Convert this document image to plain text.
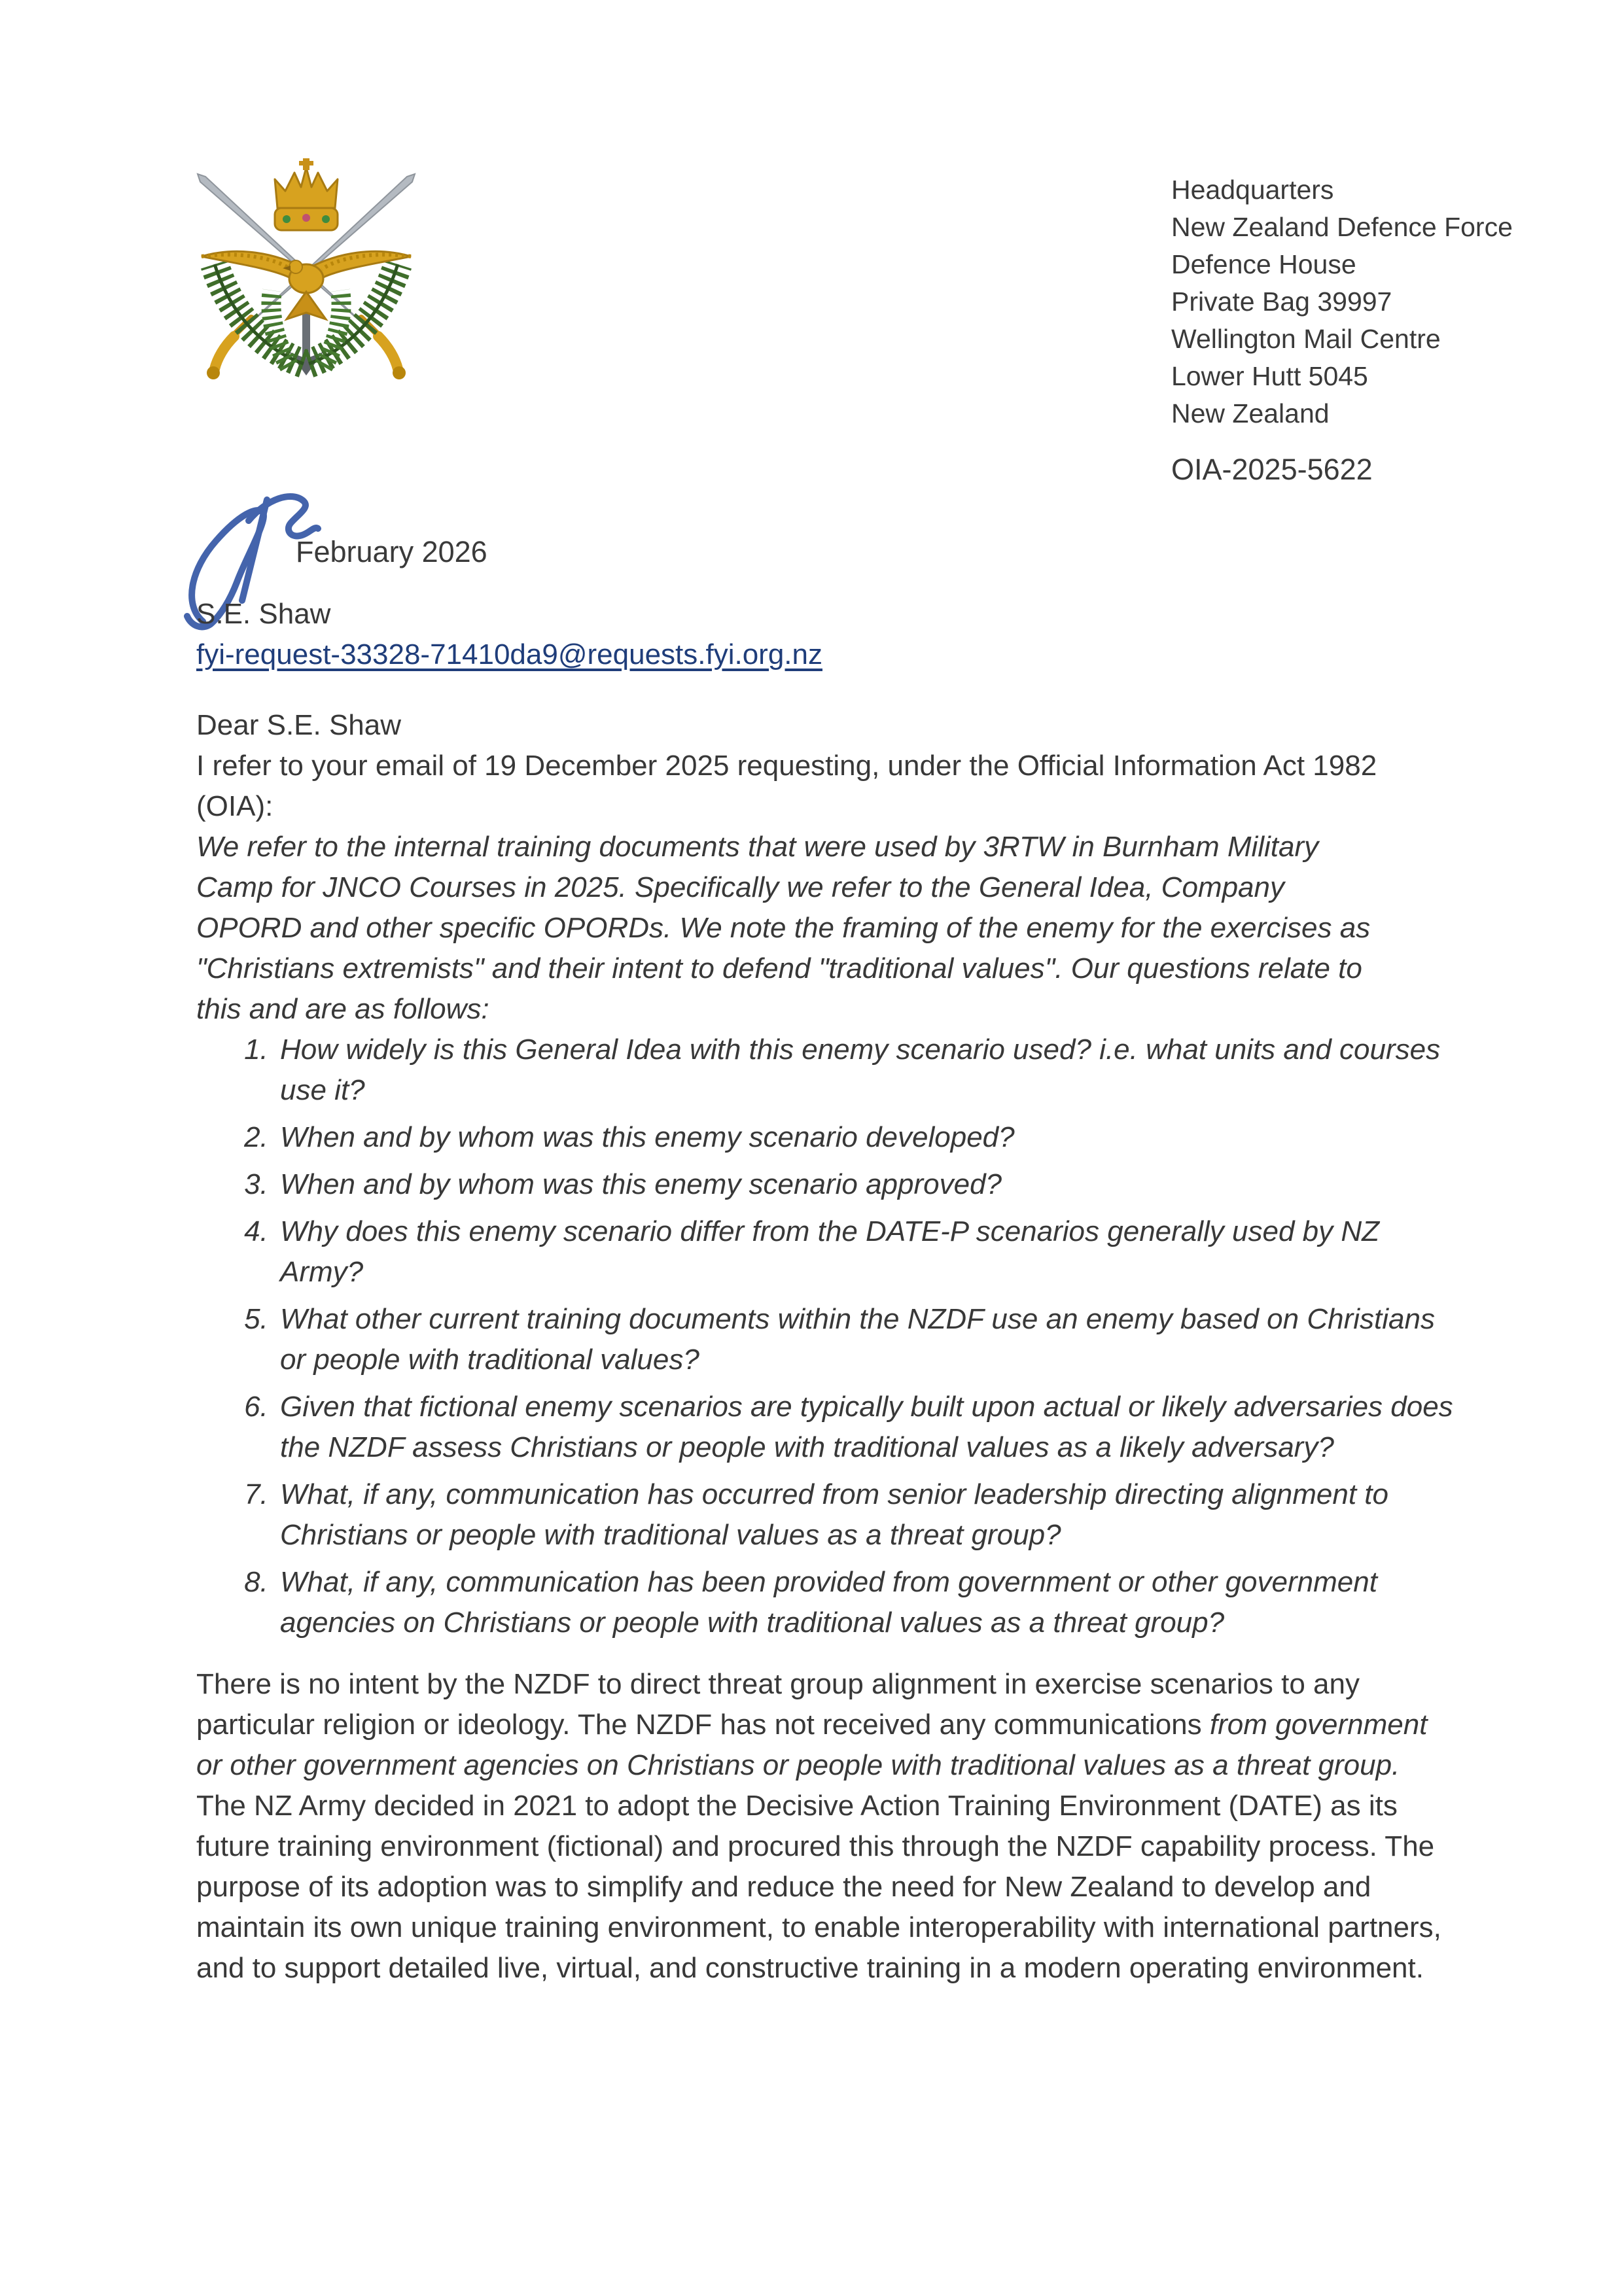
Headquarters
New Zealand Defence Force
Defence House
Private Bag 39997
Wellington Mail Centre
Lower Hutt 5045
New Zealand
OIA-2025-5622
February 2026

S.E. Shaw

fyi-request-33328-71410da9@requests.fyi.org.nz

Dear S.E. Shaw

I refer to your email of 19 December 2025 requesting, under the Official Information Act 1982 (OIA):

We refer to the internal training documents that were used by 3RTW in Burnham Military Camp for JNCO Courses in 2025. Specifically we refer to the General Idea, Company OPORD and other specific OPORDs. We note the framing of the enemy for the exercises as "Christians extremists" and their intent to defend "traditional values". Our questions relate to this and are as follows:

1. How widely is this General Idea with this enemy scenario used? i.e. what units and courses use it?
2. When and by whom was this enemy scenario developed?
3. When and by whom was this enemy scenario approved?
4. Why does this enemy scenario differ from the DATE-P scenarios generally used by NZ Army?
5. What other current training documents within the NZDF use an enemy based on Christians or people with traditional values?
6. Given that fictional enemy scenarios are typically built upon actual or likely adversaries does the NZDF assess Christians or people with traditional values as a likely adversary?
7. What, if any, communication has occurred from senior leadership directing alignment to Christians or people with traditional values as a threat group?
8. What, if any, communication has been provided from government or other government agencies on Christians or people with traditional values as a threat group?

There is no intent by the NZDF to direct threat group alignment in exercise scenarios to any particular religion or ideology. The NZDF has not received any communications from government or other government agencies on Christians or people with traditional values as a threat group.

The NZ Army decided in 2021 to adopt the Decisive Action Training Environment (DATE) as its future training environment (fictional) and procured this through the NZDF capability process. The purpose of its adoption was to simplify and reduce the need for New Zealand to develop and maintain its own unique training environment, to enable interoperability with international partners, and to support detailed live, virtual, and constructive training in a modern operating environment.
